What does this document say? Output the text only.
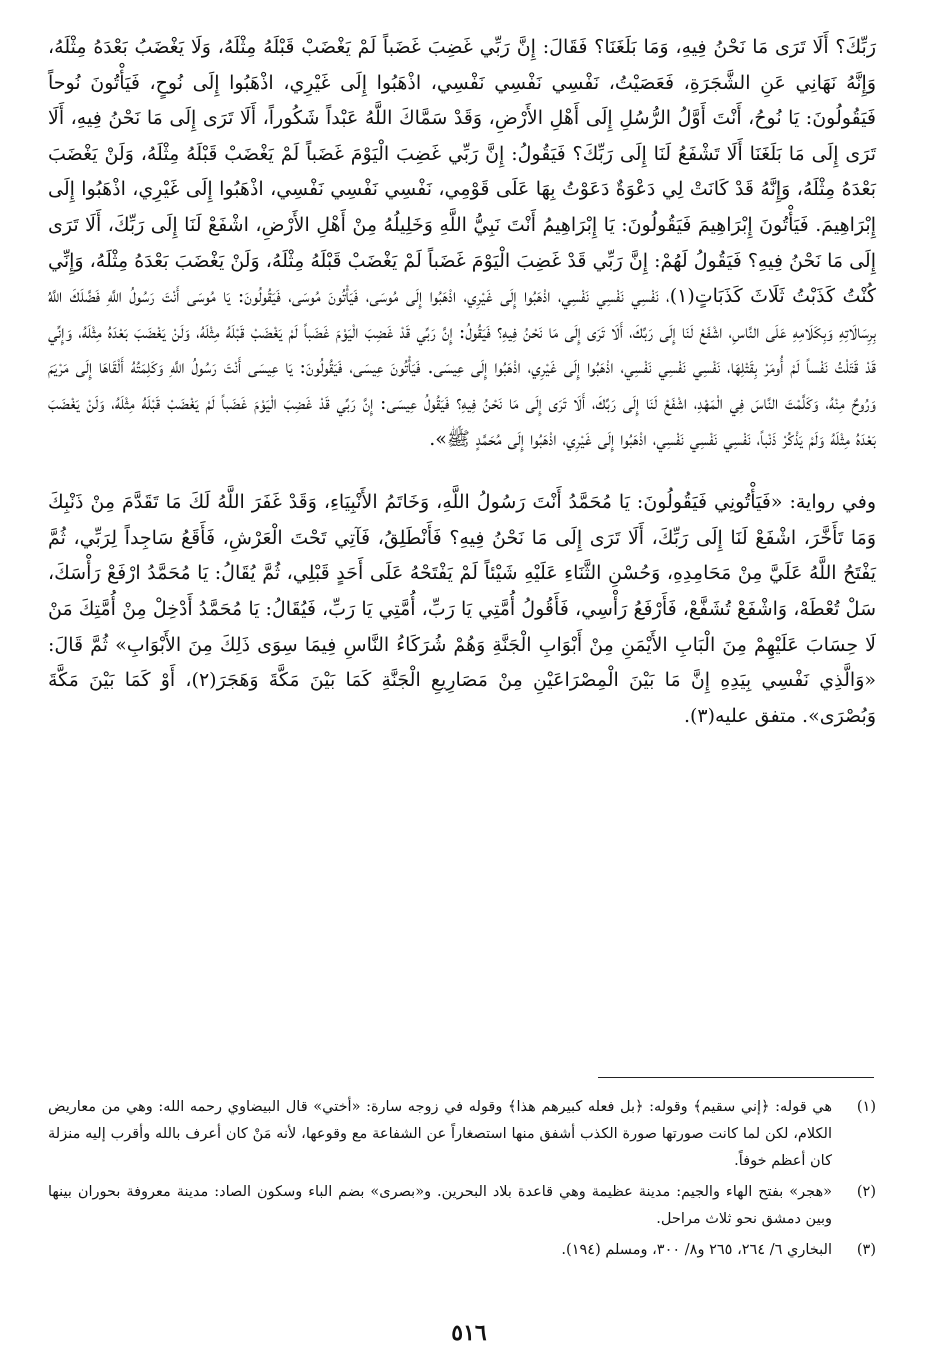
رَبِّكَ؟ أَلَا تَرَى مَا نَحْنُ فِيهِ، وَمَا بَلَغَنَا؟ فَقَالَ: إِنَّ رَبِّي غَضِبَ غَضَباً لَمْ يَغْضَبْ قَبْلَهُ مِثْلَهُ، وَلَا يَغْضَبُ بَعْدَهُ مِثْلَهُ، وَإِنَّهُ نَهَانِي عَنِ الشَّجَرَةِ، فَعَصَيْتُ، نَفْسِي نَفْسِي نَفْسِي، اذْهَبُوا إِلَى غَيْرِي، اذْهَبُوا إِلَى نُوحٍ، فَيَأْتُونَ نُوحاً فَيَقُولُونَ: يَا نُوحُ، أَنْتَ أَوَّلُ الرُّسُلِ إِلَى أَهْلِ الأَرْضِ، وَقَدْ سَمَّاكَ اللَّهُ عَبْداً شَكُوراً، أَلَا تَرَى إِلَى مَا نَحْنُ فِيهِ، أَلَا تَرَى إِلَى مَا بَلَغَنَا أَلَا تَشْفَعُ لَنَا إِلَى رَبِّكَ؟ فَيَقُولُ: إِنَّ رَبِّي غَضِبَ الْيَوْمَ غَضَباً لَمْ يَغْضَبْ قَبْلَهُ مِثْلَهُ، وَلَنْ يَغْضَبَ بَعْدَهُ مِثْلَهُ، وَإِنَّهُ قَدْ كَانَتْ لِي دَعْوَةٌ دَعَوْتُ بِهَا عَلَى قَوْمِي، نَفْسِي نَفْسِي نَفْسِي، اذْهَبُوا إِلَى غَيْرِي، اذْهَبُوا إِلَى إِبْرَاهِيمَ. فَيَأْتُونَ إِبْرَاهِيمَ فَيَقُولُونَ: يَا إِبْرَاهِيمُ أَنْتَ نَبِيُّ اللَّهِ وَخَلِيلُهُ مِنْ أَهْلِ الأَرْضِ، اشْفَعْ لَنَا إِلَى رَبِّكَ، أَلَا تَرَى إِلَى مَا نَحْنُ فِيهِ؟ فَيَقُولُ لَهُمْ: إِنَّ رَبِّي قَدْ غَضِبَ الْيَوْمَ غَضَباً لَمْ يَغْضَبْ قَبْلَهُ مِثْلَهُ، وَلَنْ يَغْضَبَ بَعْدَهُ مِثْلَهُ، وَإِنِّي كُنْتُ كَذَبْتُ ثَلَاثَ كَذَبَاتٍ(١)، نَفْسِي نَفْسِي نَفْسِي، اذْهَبُوا إِلَى غَيْرِي، اذْهَبُوا إِلَى مُوسَى، فَيَأْتُونَ مُوسَى، فَيَقُولُونَ: يَا مُوسَى أَنْتَ رَسُولُ اللَّهِ فَضَّلَكَ اللَّهُ بِرِسَالَاتِهِ وَبِكَلَامِهِ عَلَى النَّاسِ، اشْفَعْ لَنَا إِلَى رَبِّكَ، أَلَا تَرَى إِلَى مَا نَحْنُ فِيهِ؟ فَيَقُولُ: إِنَّ رَبِّي قَدْ غَضِبَ الْيَوْمَ غَضَباً لَمْ يَغْضَبْ قَبْلَهُ مِثْلَهُ، وَلَنْ يَغْضَبَ بَعْدَهُ مِثْلَهُ، وَإِنِّي قَدْ قَتَلْتُ نَفْساً لَمْ أُومَرْ بِقَتْلِهَا، نَفْسِي نَفْسِي نَفْسِي، اذْهَبُوا إِلَى غَيْرِي، اذْهَبُوا إِلَى عِيسَى. فَيَأْتُونَ عِيسَى، فَيَقُولُونَ: يَا عِيسَى أَنْتَ رَسُولُ اللَّهِ وَكَلِمَتُهُ أَلْقَاهَا إِلَى مَرْيَمَ وَرُوحٌ مِنْهُ، وَكَلَّمْتَ النَّاسَ فِي الْمَهْدِ، اشْفَعْ لَنَا إِلَى رَبِّكَ، أَلَا تَرَى إِلَى مَا نَحْنُ فِيهِ؟ فَيَقُولُ عِيسَى: إِنَّ رَبِّي قَدْ غَضِبَ الْيَوْمَ غَضَباً لَمْ يَغْضَبْ قَبْلَهُ مِثْلَهُ، وَلَنْ يَغْضَبَ بَعْدَهُ مِثْلَهُ وَلَمْ يَذْكُرْ ذَنْباً، نَفْسِي نَفْسِي نَفْسِي، اذْهَبُوا إِلَى غَيْرِي، اذْهَبُوا إِلَى مُحَمَّدٍ ﷺ».

وفي رواية: «فَيَأْتُونِي فَيَقُولُونَ: يَا مُحَمَّدُ أَنْتَ رَسُولُ اللَّهِ، وَخَاتَمُ الأَنْبِيَاءِ، وَقَدْ غَفَرَ اللَّهُ لَكَ مَا تَقَدَّمَ مِنْ ذَنْبِكَ وَمَا تَأَخَّرَ، اشْفَعْ لَنَا إِلَى رَبِّكَ، أَلَا تَرَى إِلَى مَا نَحْنُ فِيهِ؟ فَأَنْطَلِقُ، فَآتِي تَحْتَ الْعَرْشِ، فَأَقَعُ سَاجِداً لِرَبِّي، ثُمَّ يَفْتَحُ اللَّهُ عَلَيَّ مِنْ مَحَامِدِهِ، وَحُسْنِ الثَّنَاءِ عَلَيْهِ شَيْئاً لَمْ يَفْتَحْهُ عَلَى أَحَدٍ قَبْلِي، ثُمَّ يُقَالُ: يَا مُحَمَّدُ ارْفَعْ رَأْسَكَ، سَلْ تُعْطَهْ، وَاشْفَعْ تُشَفَّعْ، فَأَرْفَعُ رَأْسِي، فَأَقُولُ أُمَّتِي يَا رَبِّ، أُمَّتِي يَا رَبِّ، فَيُقَالُ: يَا مُحَمَّدُ أَدْخِلْ مِنْ أُمَّتِكَ مَنْ لَا حِسَابَ عَلَيْهِمْ مِنَ الْبَابِ الأَيْمَنِ مِنْ أَبْوَابِ الْجَنَّةِ وَهُمْ شُرَكَاءُ النَّاسِ فِيمَا سِوَى ذَلِكَ مِنَ الأَبْوَابِ» ثُمَّ قَالَ: «وَالَّذِي نَفْسِي بِيَدِهِ إِنَّ مَا بَيْنَ الْمِصْرَاعَيْنِ مِنْ مَصَارِيعِ الْجَنَّةِ كَمَا بَيْنَ مَكَّةَ وَهَجَرَ(٢)، أَوْ كَمَا بَيْنَ مَكَّةَ وَبُصْرَى». متفق عليه(٣).

(١)
هي قوله: ﴿إني سقيم﴾ وقوله: ﴿بل فعله كبيرهم هذا﴾ وقوله في زوجه سارة: «أختي» قال البيضاوي رحمه الله: وهي من معاريض الكلام، لكن لما كانت صورتها صورة الكذب أشفق منها استصغاراً عن الشفاعة مع وقوعها، لأنه مَنْ كان أعرف بالله وأقرب إليه منزلة كان أعظم خوفاً.
(٢)
«هجر» بفتح الهاء والجيم: مدينة عظيمة وهي قاعدة بلاد البحرين. و«بصرى» بضم الباء وسكون الصاد: مدينة معروفة بحوران بينها وبين دمشق نحو ثلاث مراحل.
(٣)
البخاري ٦/ ٢٦٤، ٢٦٥ و٨/ ٣٠٠، ومسلم (١٩٤).
٥١٦
